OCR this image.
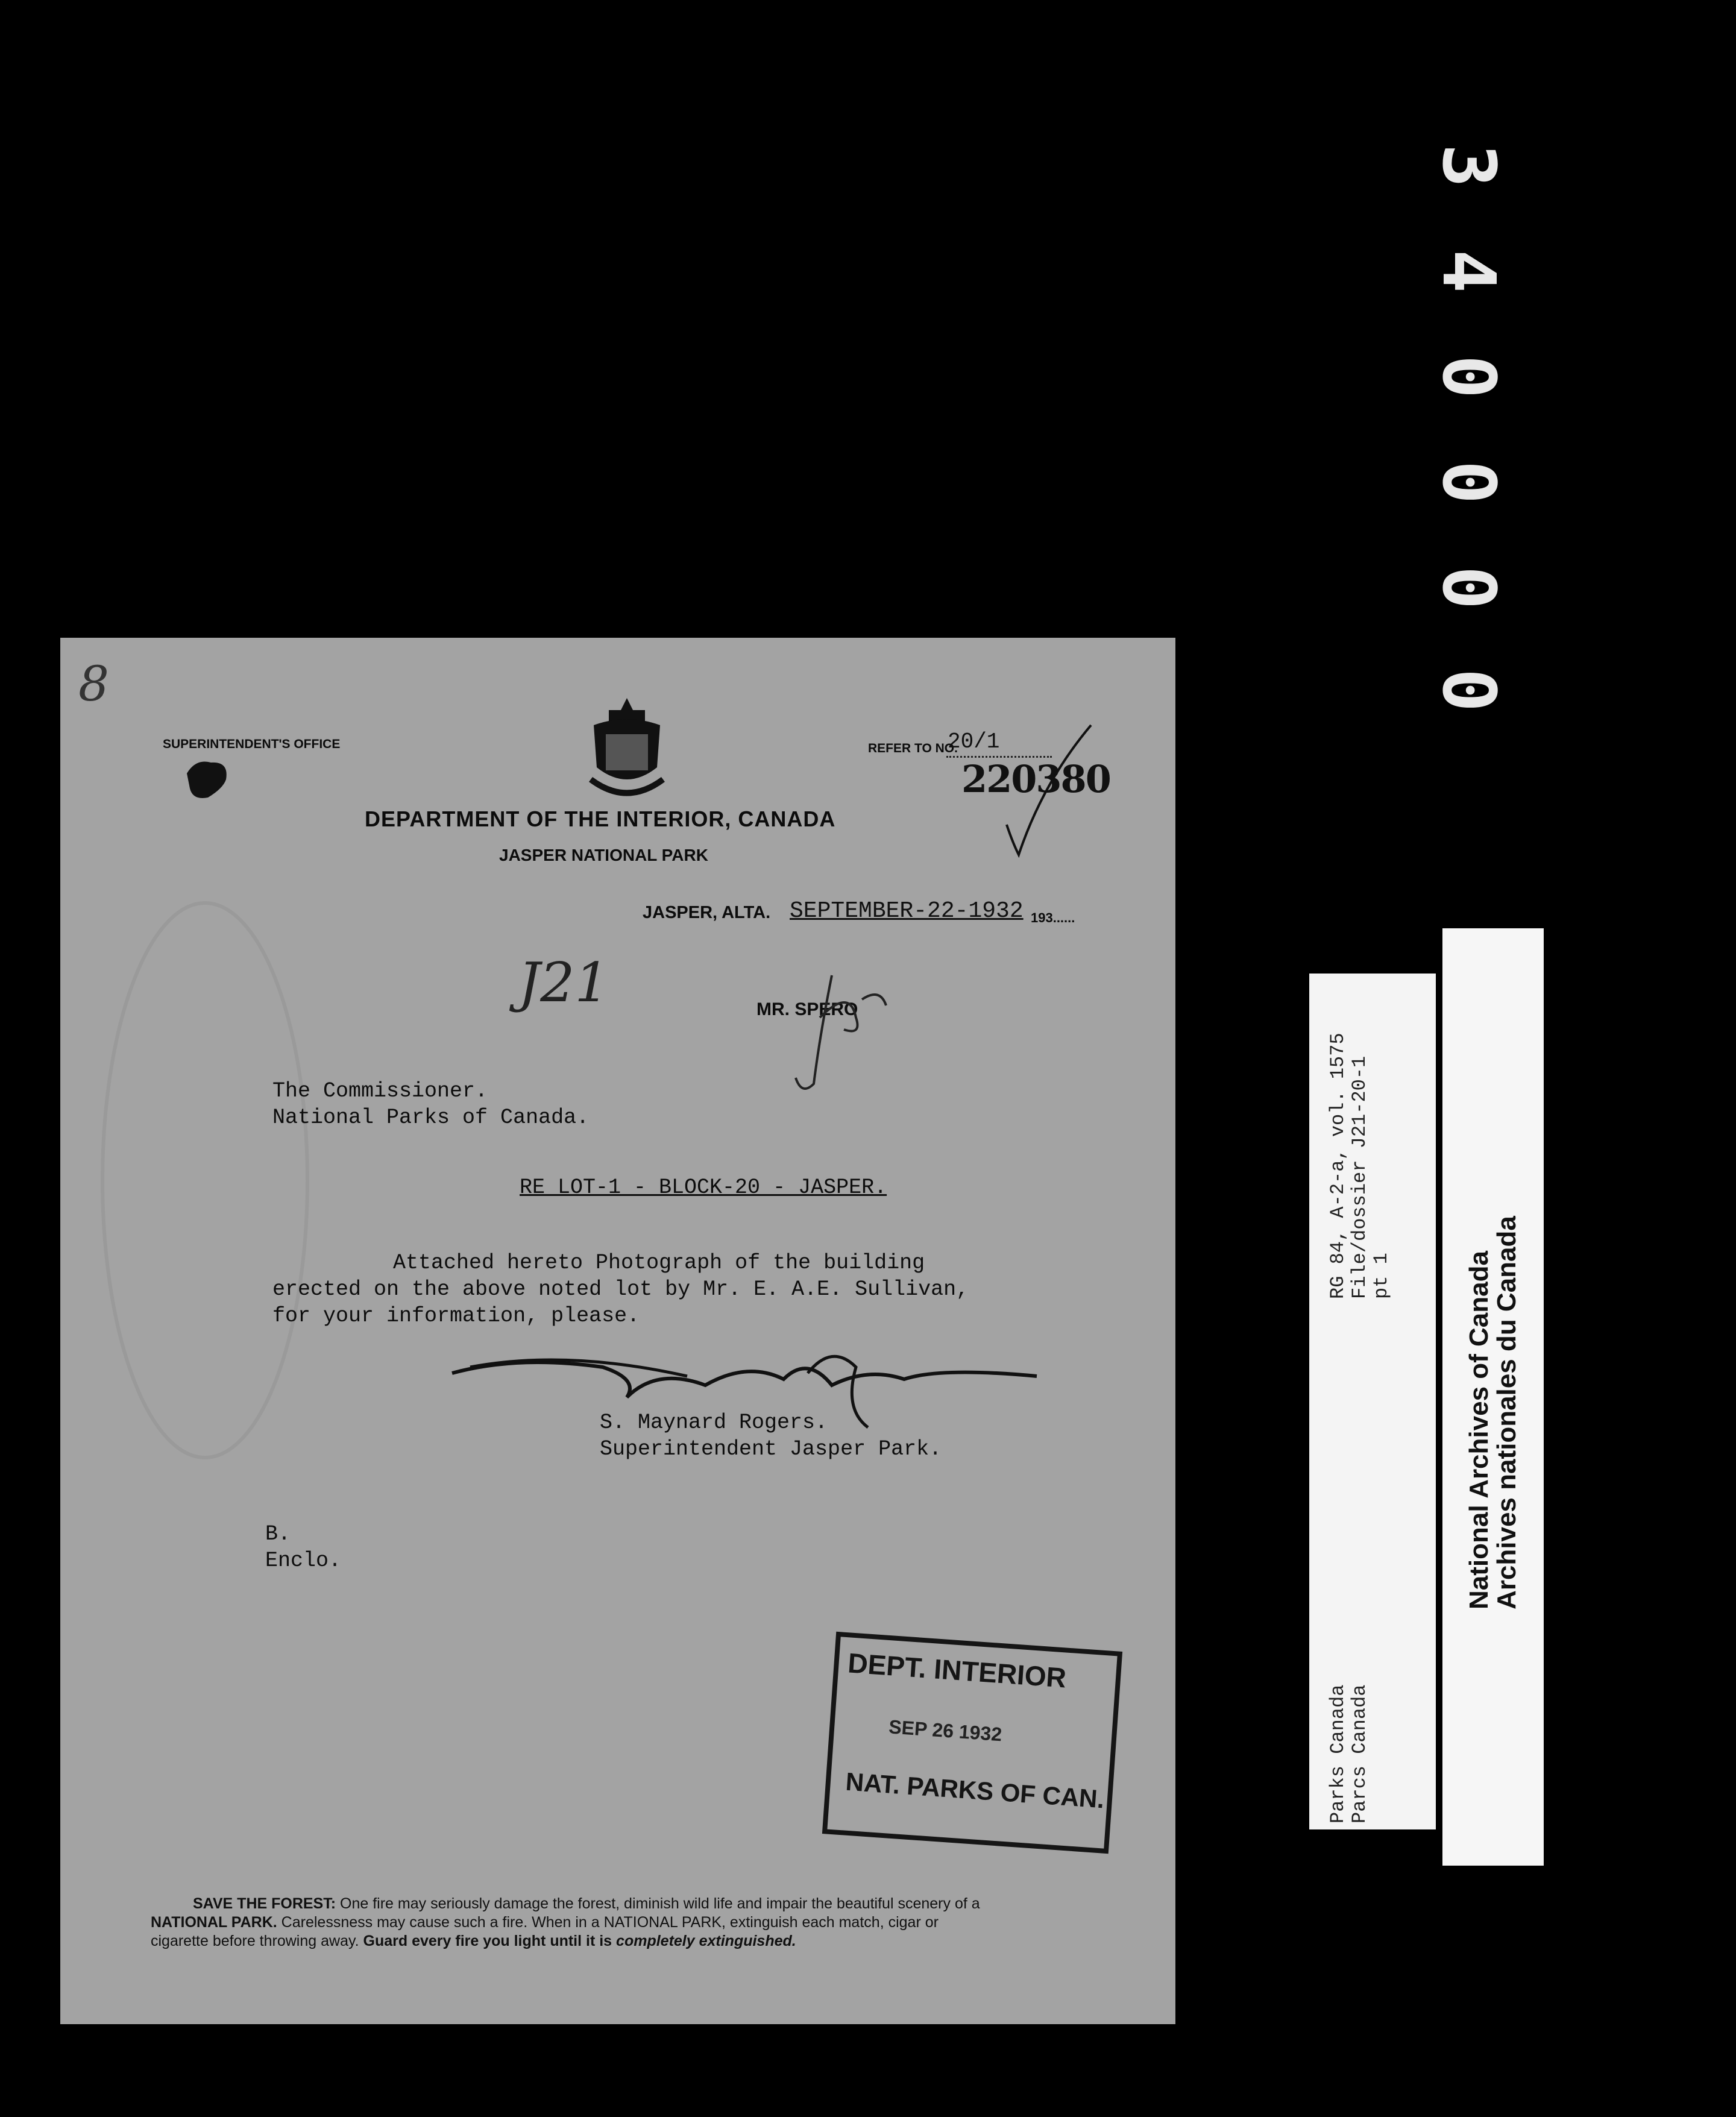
3
4
0
0
0
0
8
SUPERINTENDENT'S OFFICE	REFER TO NO.
20/1
220380
DEPARTMENT OF THE INTERIOR, CANADA
JASPER NATIONAL PARK
JASPER, ALTA. SEPTEMBER-22-1932 193......
J21	MR. SPERO
The Commissioner.
National Parks of Canada.
RE LOT-1 - BLOCK-20 - JASPER.
Attached hereto Photograph of the building
erected on the above noted lot by Mr. E. A.E. Sullivan,
for your information, please.
S. Maynard Rogers.
Superintendent Jasper Park.
B.
Enclo.
DEPT. INTERIOR
SEP 26 1932
NAT. PARKS OF CAN.
SAVE THE FOREST: One fire may seriously damage the forest, diminish wild life and impair the beautiful scenery of a
NATIONAL PARK. Carelessness may cause such a fire. When in a NATIONAL PARK, extinguish each match, cigar or
cigarette before throwing away. Guard every fire you light until it is completely extinguished.
RG 84, A-2-a, vol. 1575 File/dossier J21-20-1 pt 1
Parks Canada Parcs Canada
National Archives of Canada
Archives nationales du Canada
